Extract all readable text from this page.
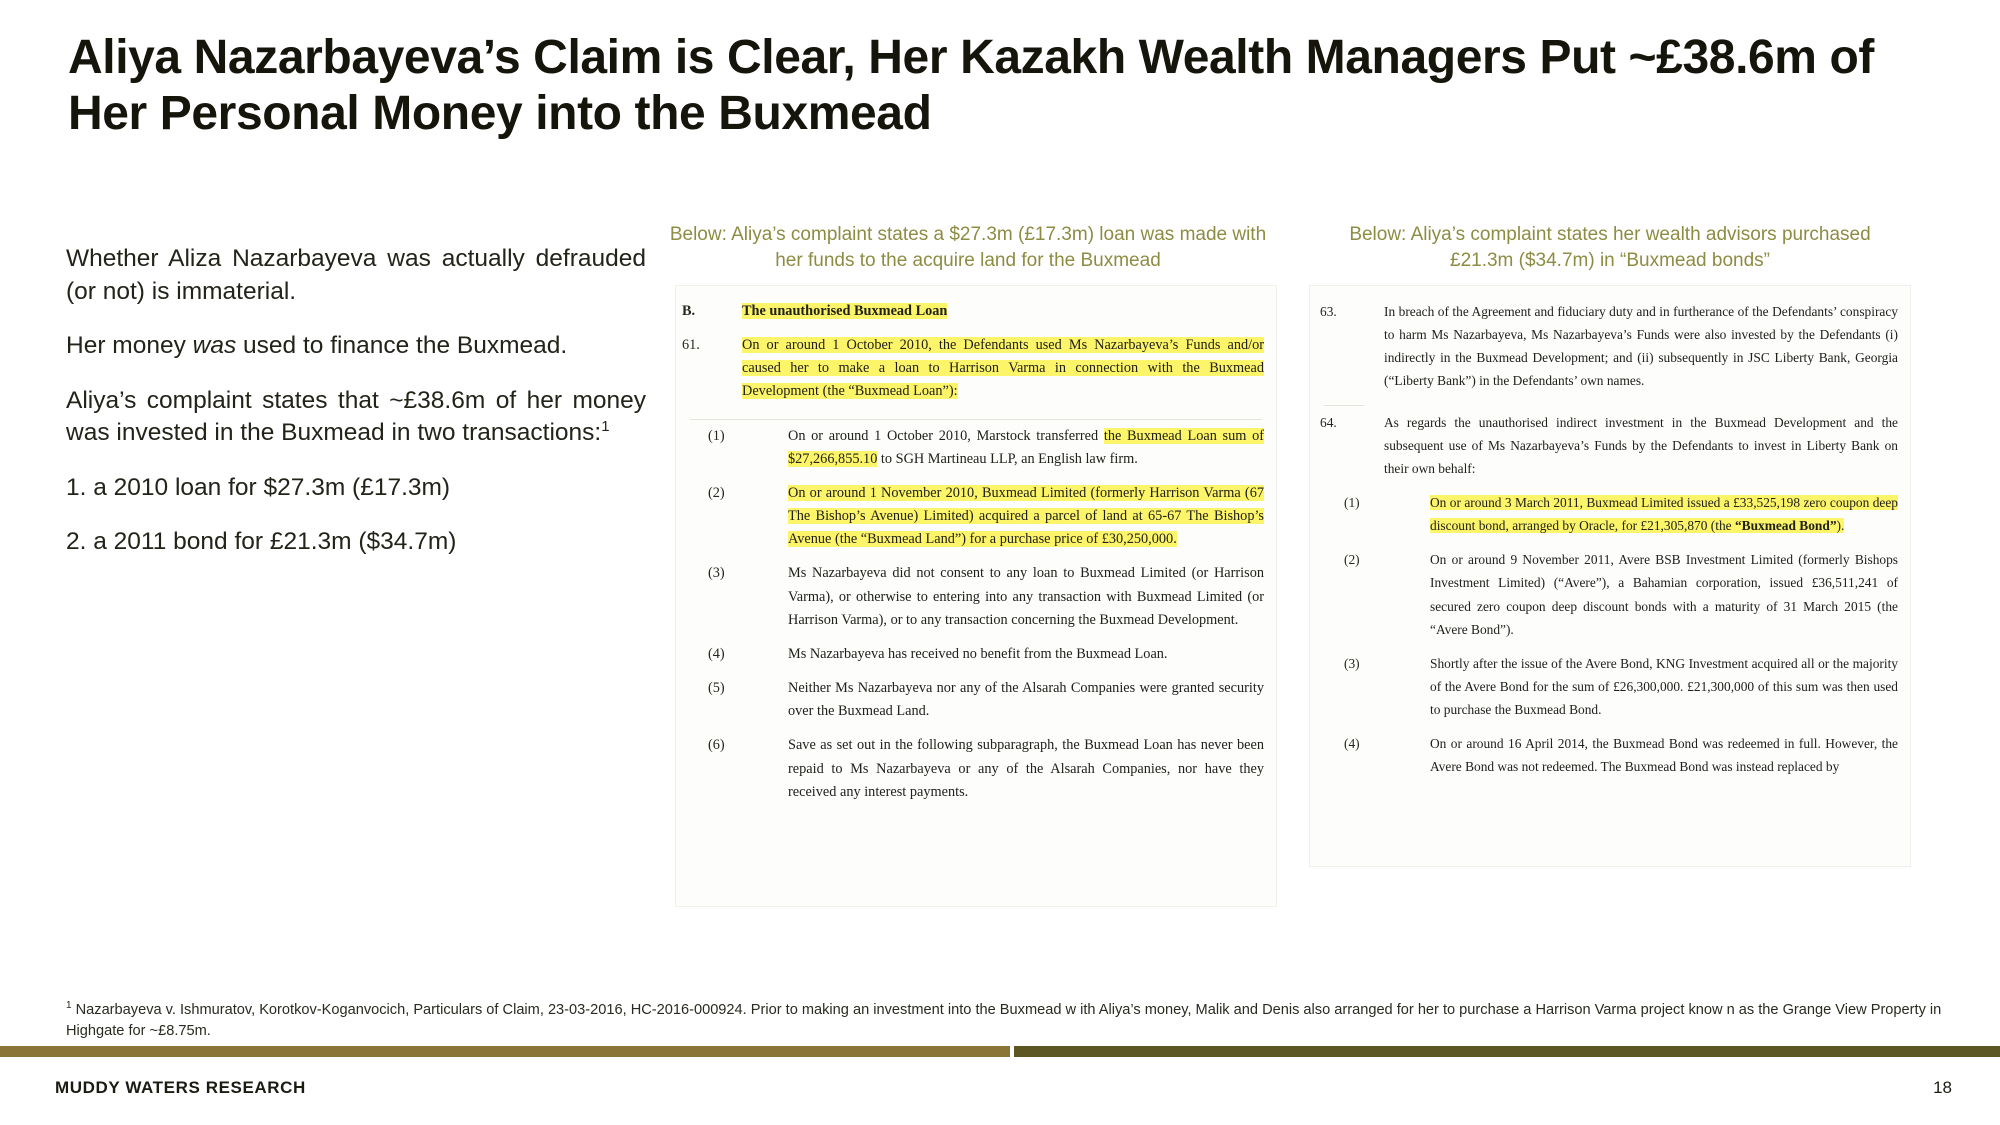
Aliya Nazarbayeva’s Claim is Clear, Her Kazakh Wealth Managers Put ~£38.6m of Her Personal Money into the Buxmead

Whether Aliza Nazarbayeva was actually defrauded (or not) is immaterial.

Her money was used to finance the Buxmead.

Aliya’s complaint states that ~£38.6m of her money was invested in the Buxmead in two transactions:$^1$

1. a 2010 loan for $27.3m (£17.3m)

2. a 2011 bond for £21.3m ($34.7m)

Below: Aliya’s complaint states a $27.3m (£17.3m) loan was made with her funds to the acquire land for the Buxmead
Below: Aliya’s complaint states her wealth advisors purchased £21.3m ($34.7m) in “Buxmead bonds”
B.	The unauthorised Buxmead Loan
61.	On or around 1 October 2010, the Defendants used Ms Nazarbayeva’s Funds and/or caused her to make a loan to Harrison Varma in connection with the Buxmead Development (the “Buxmead Loan”):
(1)	On or around 1 October 2010, Marstock transferred the Buxmead Loan sum of $27,266,855.10 to SGH Martineau LLP, an English law firm.
(2)	On or around 1 November 2010, Buxmead Limited (formerly Harrison Varma (67 The Bishop’s Avenue) Limited) acquired a parcel of land at 65-67 The Bishop’s Avenue (the “Buxmead Land”) for a purchase price of £30,250,000.
(3)	Ms Nazarbayeva did not consent to any loan to Buxmead Limited (or Harrison Varma), or otherwise to entering into any transaction with Buxmead Limited (or Harrison Varma), or to any transaction concerning the Buxmead Development.
(4)	Ms Nazarbayeva has received no benefit from the Buxmead Loan.
(5)	Neither Ms Nazarbayeva nor any of the Alsarah Companies were granted security over the Buxmead Land.
(6)	Save as set out in the following subparagraph, the Buxmead Loan has never been repaid to Ms Nazarbayeva or any of the Alsarah Companies, nor have they received any interest payments.
63.	In breach of the Agreement and fiduciary duty and in furtherance of the Defendants’ conspiracy to harm Ms Nazarbayeva, Ms Nazarbayeva’s Funds were also invested by the Defendants (i) indirectly in the Buxmead Development; and (ii) subsequently in JSC Liberty Bank, Georgia (“Liberty Bank”) in the Defendants’ own names.
64.	As regards the unauthorised indirect investment in the Buxmead Development and the subsequent use of Ms Nazarbayeva’s Funds by the Defendants to invest in Liberty Bank on their own behalf:
(1)	On or around 3 March 2011, Buxmead Limited issued a £33,525,198 zero coupon deep discount bond, arranged by Oracle, for £21,305,870 (the “Buxmead Bond”).
(2)	On or around 9 November 2011, Avere BSB Investment Limited (formerly Bishops Investment Limited) (“Avere”), a Bahamian corporation, issued £36,511,241 of secured zero coupon deep discount bonds with a maturity of 31 March 2015 (the “Avere Bond”).
(3)	Shortly after the issue of the Avere Bond, KNG Investment acquired all or the majority of the Avere Bond for the sum of £26,300,000. £21,300,000 of this sum was then used to purchase the Buxmead Bond.
(4)	On or around 16 April 2014, the Buxmead Bond was redeemed in full. However, the Avere Bond was not redeemed. The Buxmead Bond was instead replaced by
$^1$ Nazarbayeva v. Ishmuratov, Korotkov-Koganvocich, Particulars of Claim, 23-03-2016, HC-2016-000924. Prior to making an investment into the Buxmead w ith Aliya’s money, Malik and Denis also arranged for her to purchase a Harrison Varma project know n as the Grange View Property in Highgate for ~£8.75m.
MUDDY WATERS RESEARCH	18
